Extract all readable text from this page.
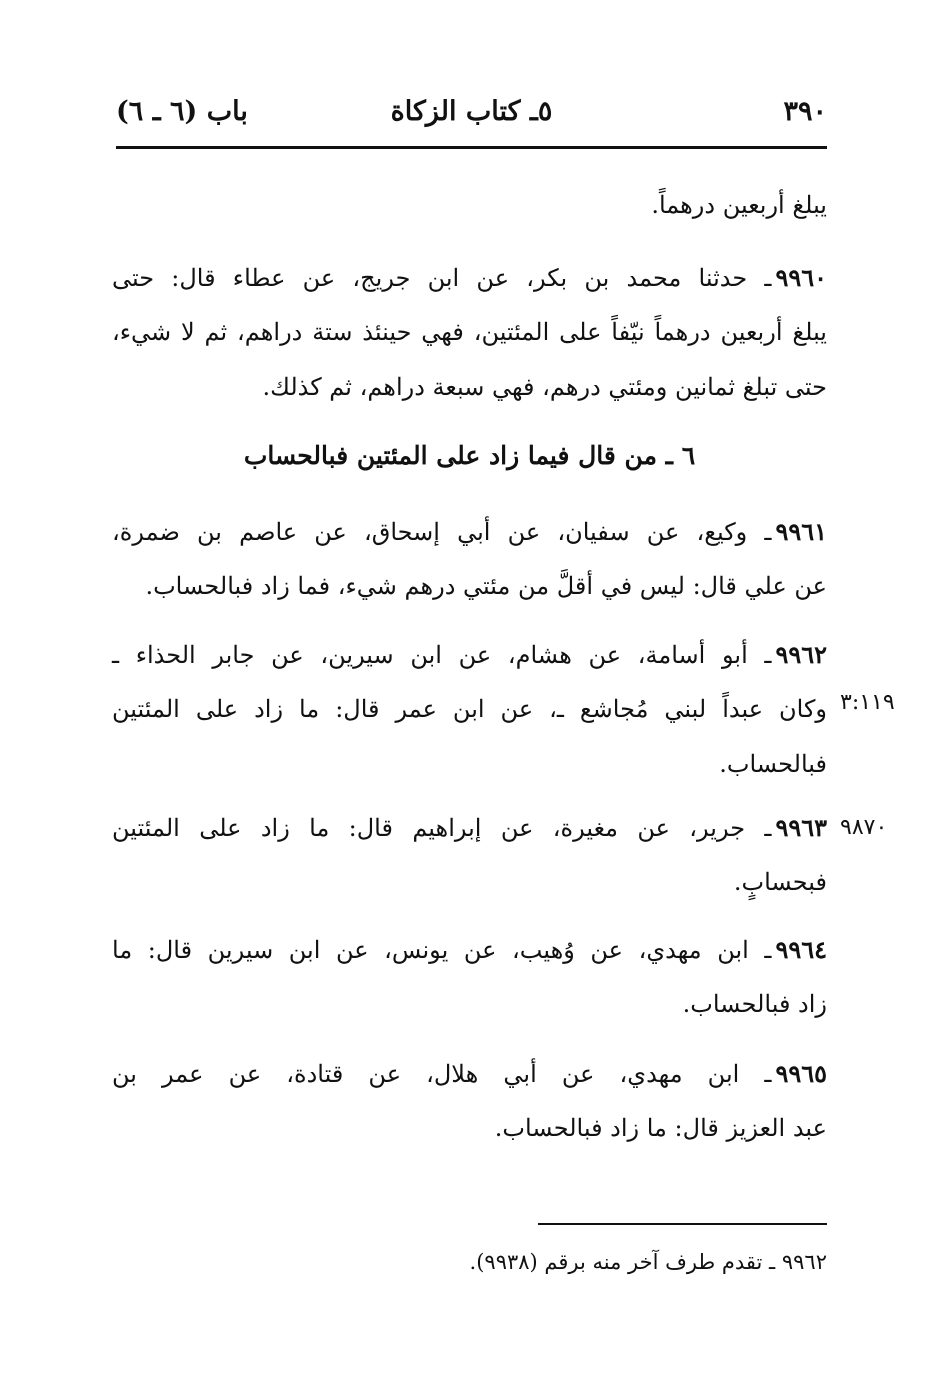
٣٩٠
٥ـ كتاب الزكاة
باب (٦ ـ ٦)
يبلغ أربعين درهماً.
٩٩٦٠ـ حدثنا محمد بن بكر، عن ابن جريج، عن عطاء قال: حتى
يبلغ أربعين درهماً نيّفاً على المئتين، فهي حينئذ ستة دراهم، ثم لا شيء،
حتى تبلغ ثمانين ومئتي درهم، فهي سبعة دراهم، ثم كذلك.
٦ ـ من قال فيما زاد على المئتين فبالحساب
٩٩٦١ـ وكيع، عن سفيان، عن أبي إسحاق، عن عاصم بن ضمرة،
عن علي قال: ليس في أقلَّ من مئتي درهم شيء، فما زاد فبالحساب.
٩٩٦٢ـ أبو أسامة، عن هشام، عن ابن سيرين، عن جابر الحذاء ـ
وكان عبداً لبني مُجاشع ـ، عن ابن عمر قال: ما زاد على المئتين
فبالحساب.
٣:١١٩
٩٩٦٣ـ جرير، عن مغيرة، عن إبراهيم قال: ما زاد على المئتين
فبحسابٍ.
٩٨٧٠
٩٩٦٤ـ ابن مهدي، عن وُهيب، عن يونس، عن ابن سيرين قال: ما
زاد فبالحساب.
٩٩٦٥ـ ابن مهدي، عن أبي هلال، عن قتادة، عن عمر بن
عبد العزيز قال: ما زاد فبالحساب.
٩٩٦٢ ـ تقدم طرف آخر منه برقم (٩٩٣٨).
